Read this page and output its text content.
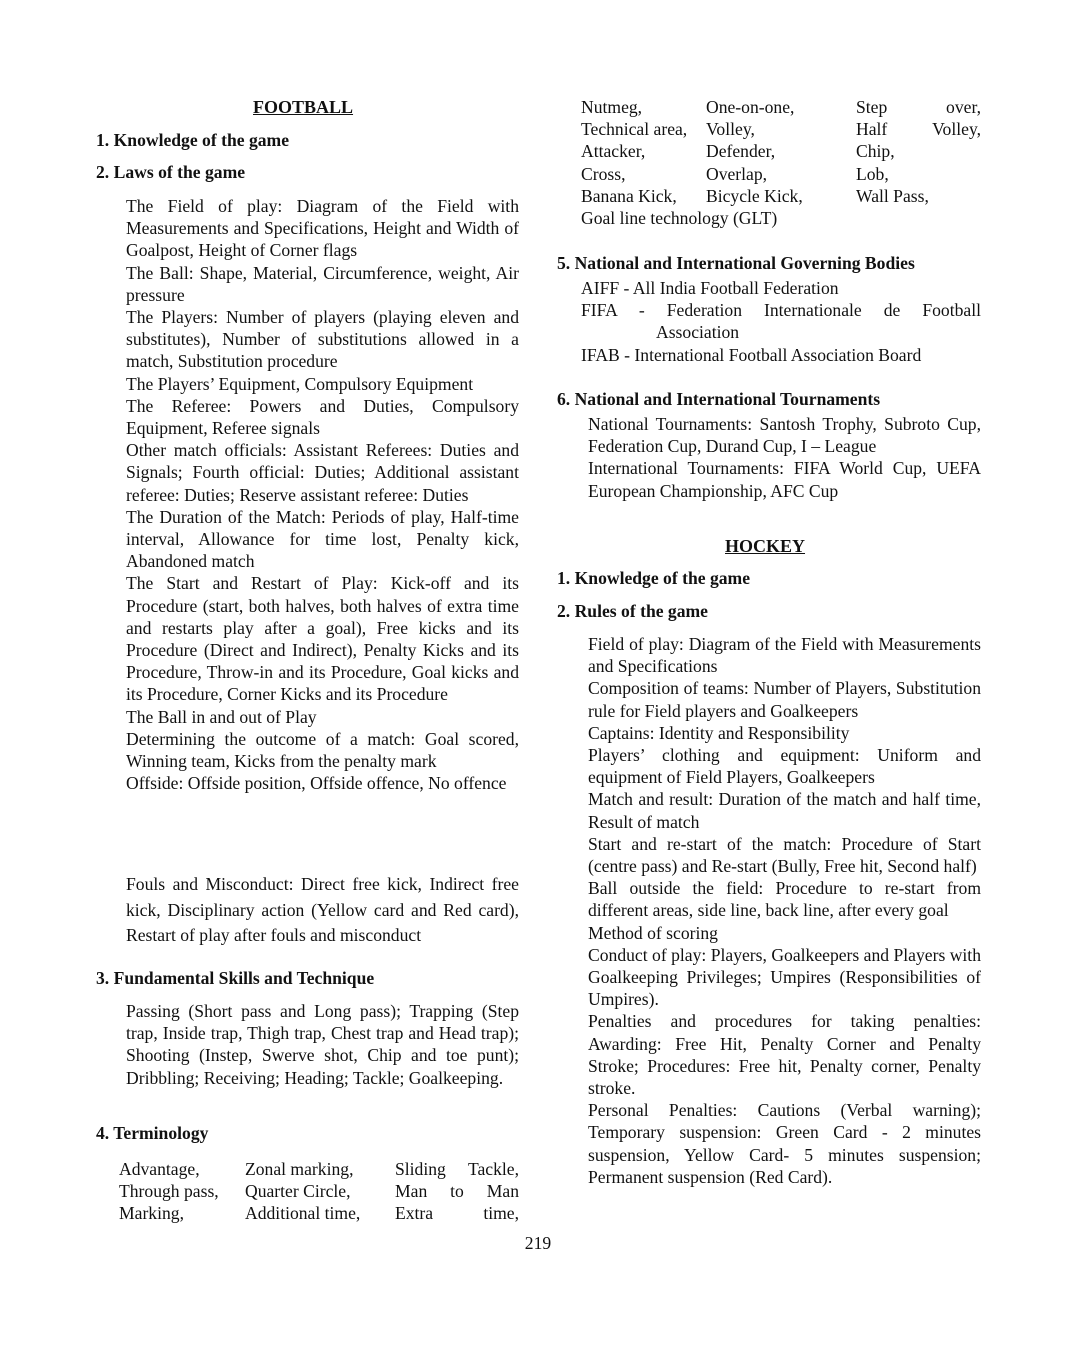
FOOTBALL
1. Knowledge of the game
2. Laws of the game

The Field of play: Diagram of the Field with Measurements and Specifications, Height and Width of Goalpost, Height of Corner flags

The Ball: Shape, Material, Circumference, weight, Air pressure

The Players: Number of players (playing eleven and substitutes), Number of substitutions allowed in a match, Substitution procedure

The Players’ Equipment, Compulsory Equipment

The Referee: Powers and Duties, Compulsory Equipment, Referee signals

Other match officials: Assistant Referees: Duties and Signals; Fourth official: Duties; Additional assistant referee: Duties; Reserve assistant referee: Duties

The Duration of the Match: Periods of play, Half-time interval, Allowance for time lost, Penalty kick, Abandoned match

The Start and Restart of Play: Kick-off and its Procedure (start, both halves, both halves of extra time and restarts play after a goal), Free kicks and its Procedure (Direct and Indirect), Penalty Kicks and its Procedure, Throw-in and its Procedure, Goal kicks and its Procedure, Corner Kicks and its Procedure

The Ball in and out of Play

Determining the outcome of a match: Goal scored, Winning team, Kicks from the penalty mark

Offside: Offside position, Offside offence, No offence

Fouls and Misconduct: Direct free kick, Indirect free kick, Disciplinary action (Yellow card and Red card), Restart of play after fouls and misconduct
3. Fundamental Skills and Technique
Passing (Short pass and Long pass); Trapping (Step trap, Inside trap, Thigh trap, Chest trap and Head trap); Shooting (Instep, Swerve shot, Chip and toe punt); Dribbling; Receiving; Heading; Tackle; Goalkeeping.
4. Terminology
Advantage,	Zonal marking,	Sliding Tackle,
Through pass,	Quarter Circle,	Man to Man
Marking,	Additional time,	Extra time,
219
Nutmeg,	One-on-one,	Step over,
Technical area,	Volley,	Half Volley,
Attacker,	Defender,	Chip,
Cross,	Overlap,	Lob,
Banana Kick,	Bicycle Kick,	Wall Pass,
Goal line technology (GLT)
5. National and International Governing Bodies
AIFF - All India Football Federation
FIFA - Federation Internationale de Football
Association
IFAB - International Football Association Board
6. National and International Tournaments

National Tournaments: Santosh Trophy, Subroto Cup, Federation Cup, Durand Cup, I – League

International Tournaments: FIFA World Cup, UEFA European Championship, AFC Cup

HOCKEY
1. Knowledge of the game
2. Rules of the game

Field of play: Diagram of the Field with Measurements and Specifications

Composition of teams: Number of Players, Substitution rule for Field players and Goalkeepers

Captains: Identity and Responsibility

Players’ clothing and equipment: Uniform and equipment of Field Players, Goalkeepers

Match and result: Duration of the match and half time, Result of match

Start and re-start of the match: Procedure of Start (centre pass) and Re-start (Bully, Free hit, Second half)

Ball outside the field: Procedure to re-start from different areas, side line, back line, after every goal

Method of scoring

Conduct of play: Players, Goalkeepers and Players with Goalkeeping Privileges; Umpires (Responsibilities of Umpires).

Penalties and procedures for taking penalties: Awarding: Free Hit, Penalty Corner and Penalty Stroke; Procedures: Free hit, Penalty corner, Penalty stroke.

Personal Penalties: Cautions (Verbal warning); Temporary suspension: Green Card - 2 minutes suspension, Yellow Card- 5 minutes suspension; Permanent suspension (Red Card).
